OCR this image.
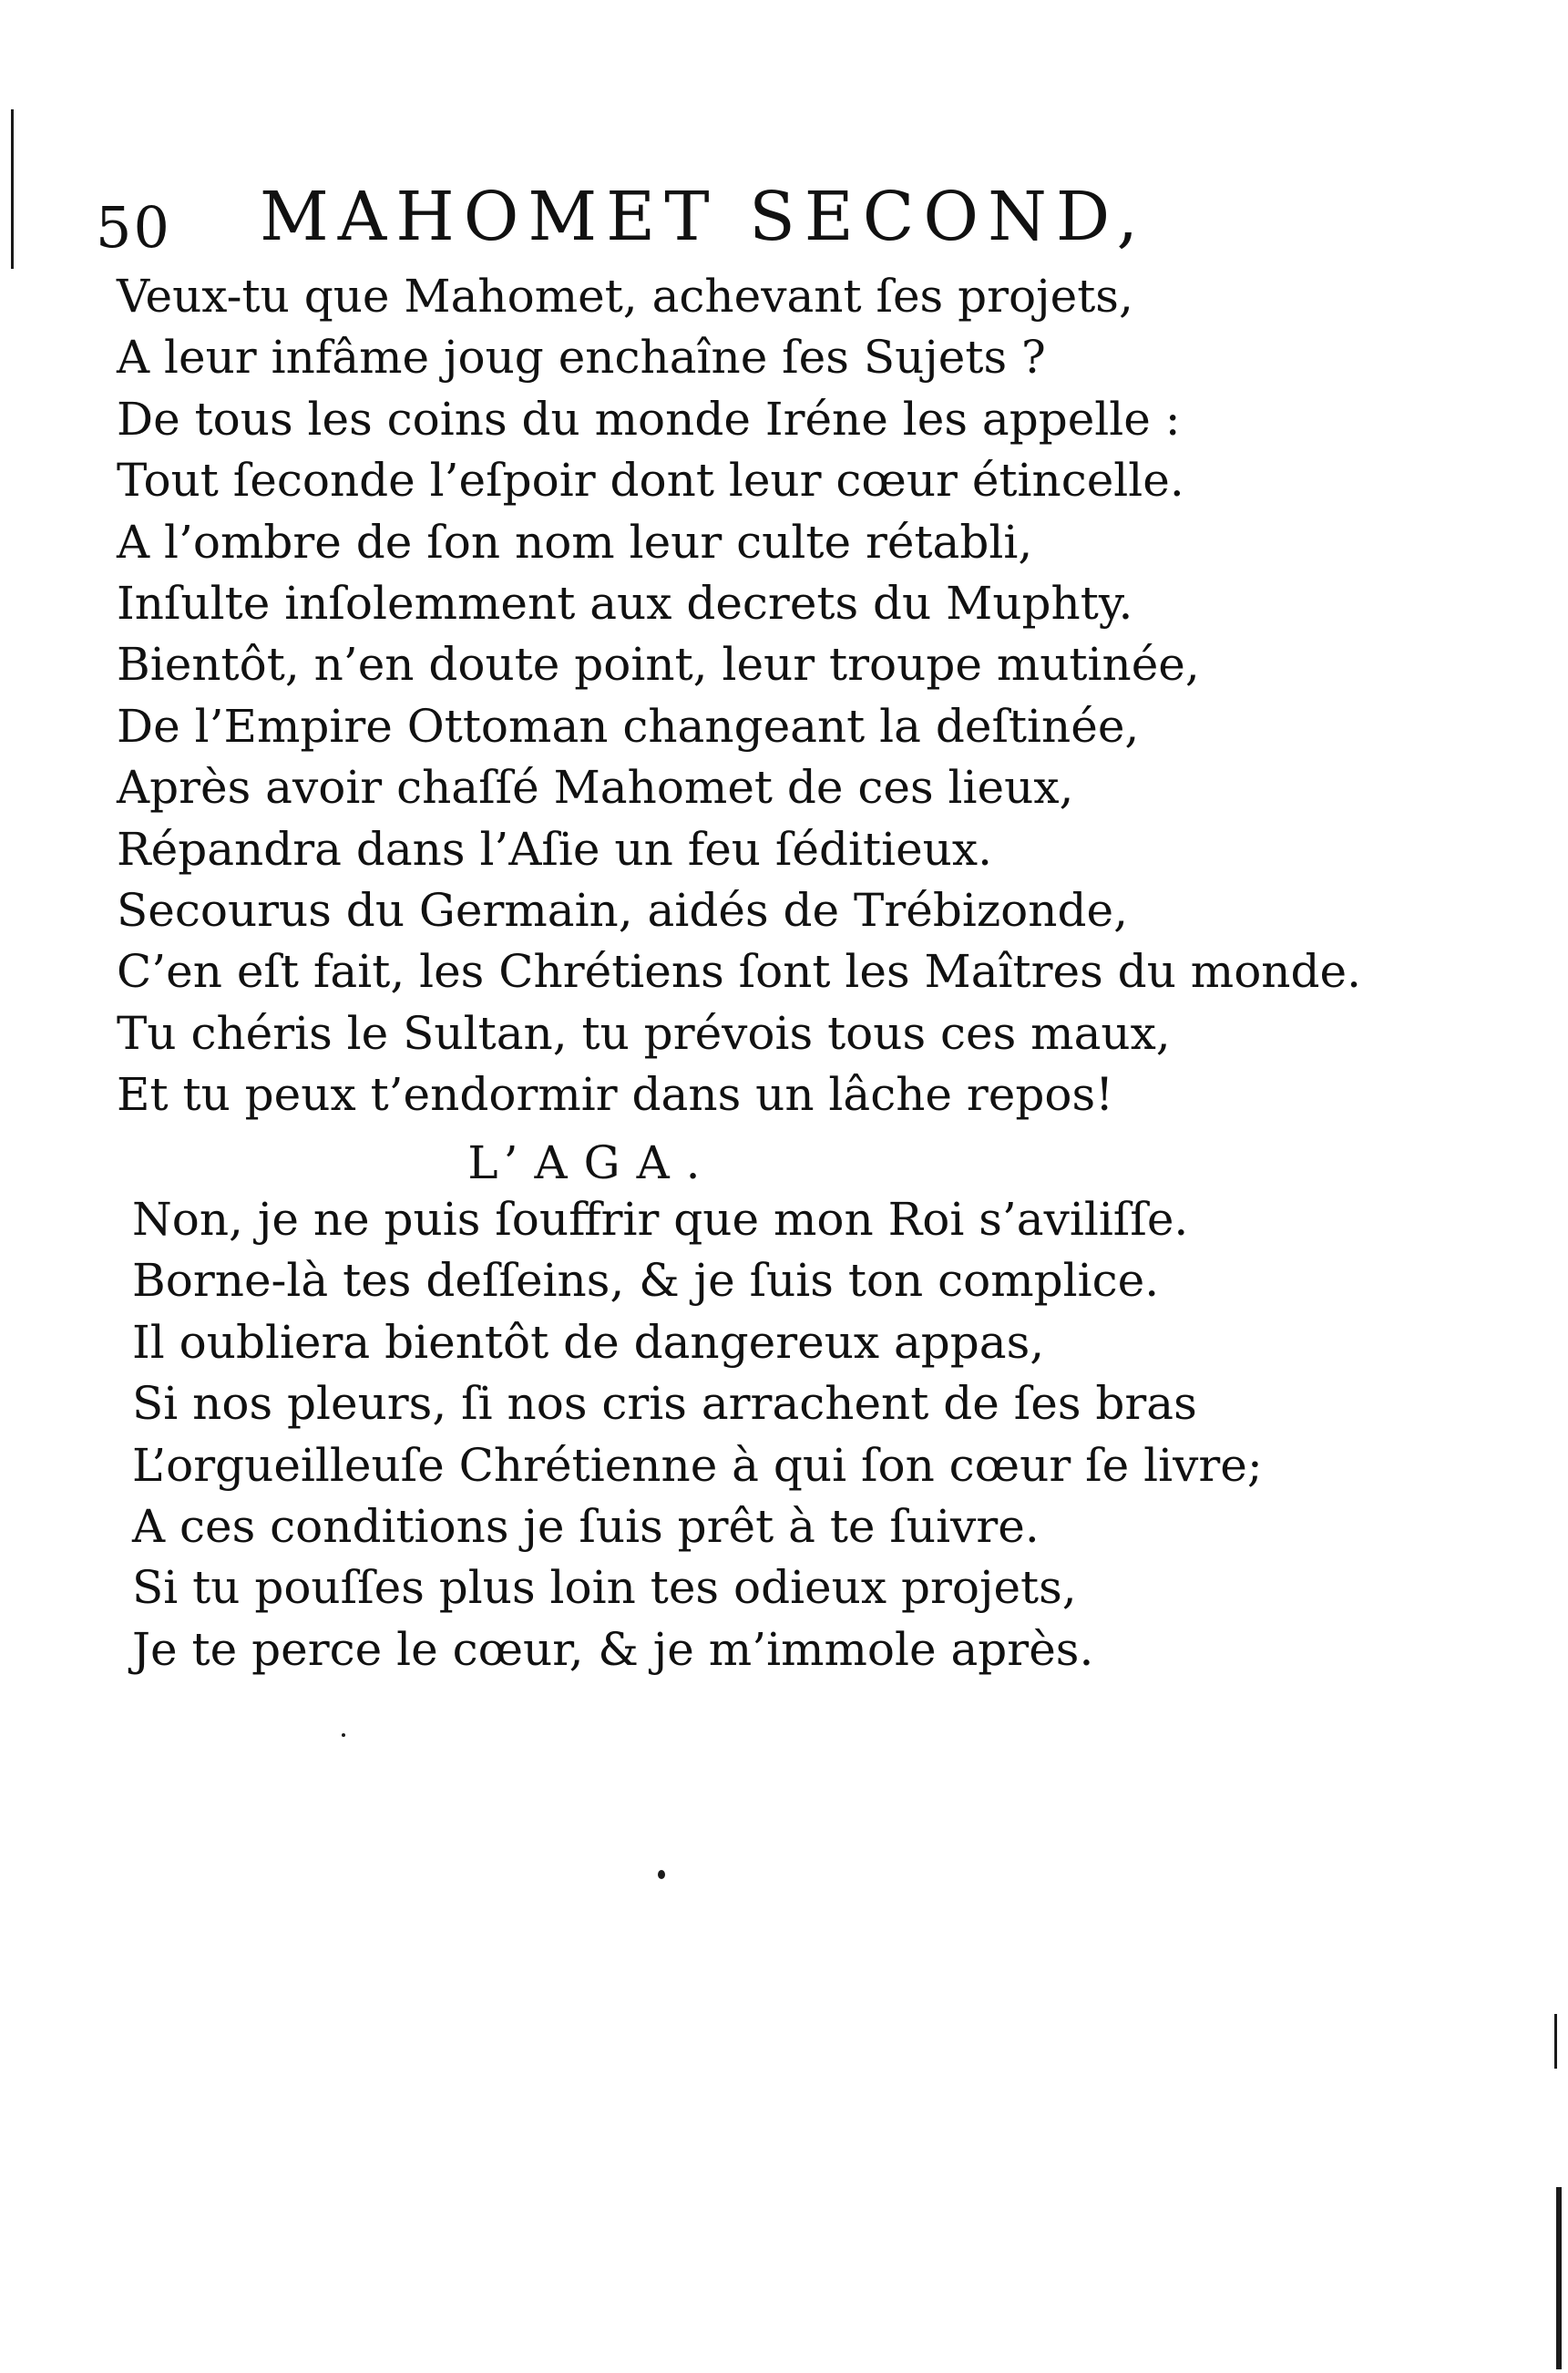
50 MAHOMET SECOND,
Veux-tu que Mahomet, achevant ſes projets,
A leur infâme joug enchaîne ſes Sujets ?
De tous les coins du monde Iréne les appelle :
Tout ſeconde l’eſpoir dont leur cœur étincelle.
A l’ombre de ſon nom leur culte rétabli,
Inſulte inſolemment aux decrets du Muphty.
Bientôt, n’en doute point, leur troupe mutinée,
De l’Empire Ottoman changeant la deſtinée,
Après avoir chaſſé Mahomet de ces lieux,
Répandra dans l’Aſie un feu ſéditieux.
Secourus du Germain, aidés de Trébizonde,
C’en eſt fait, les Chrétiens ſont les Maîtres du monde.
Tu chéris le Sultan, tu prévois tous ces maux,
Et tu peux t’endormir dans un lâche repos!
L’AGA.
Non, je ne puis ſouffrir que mon Roi s’aviliſſe.
Borne-là tes deſſeins, & je ſuis ton complice.
Il oubliera bientôt de dangereux appas,
Si nos pleurs, ſi nos cris arrachent de ſes bras
L’orgueilleuſe Chrétienne à qui ſon cœur ſe livre;
A ces conditions je ſuis prêt à te ſuivre.
Si tu pouſſes plus loin tes odieux projets,
Je te perce le cœur, & je m’immole après.
